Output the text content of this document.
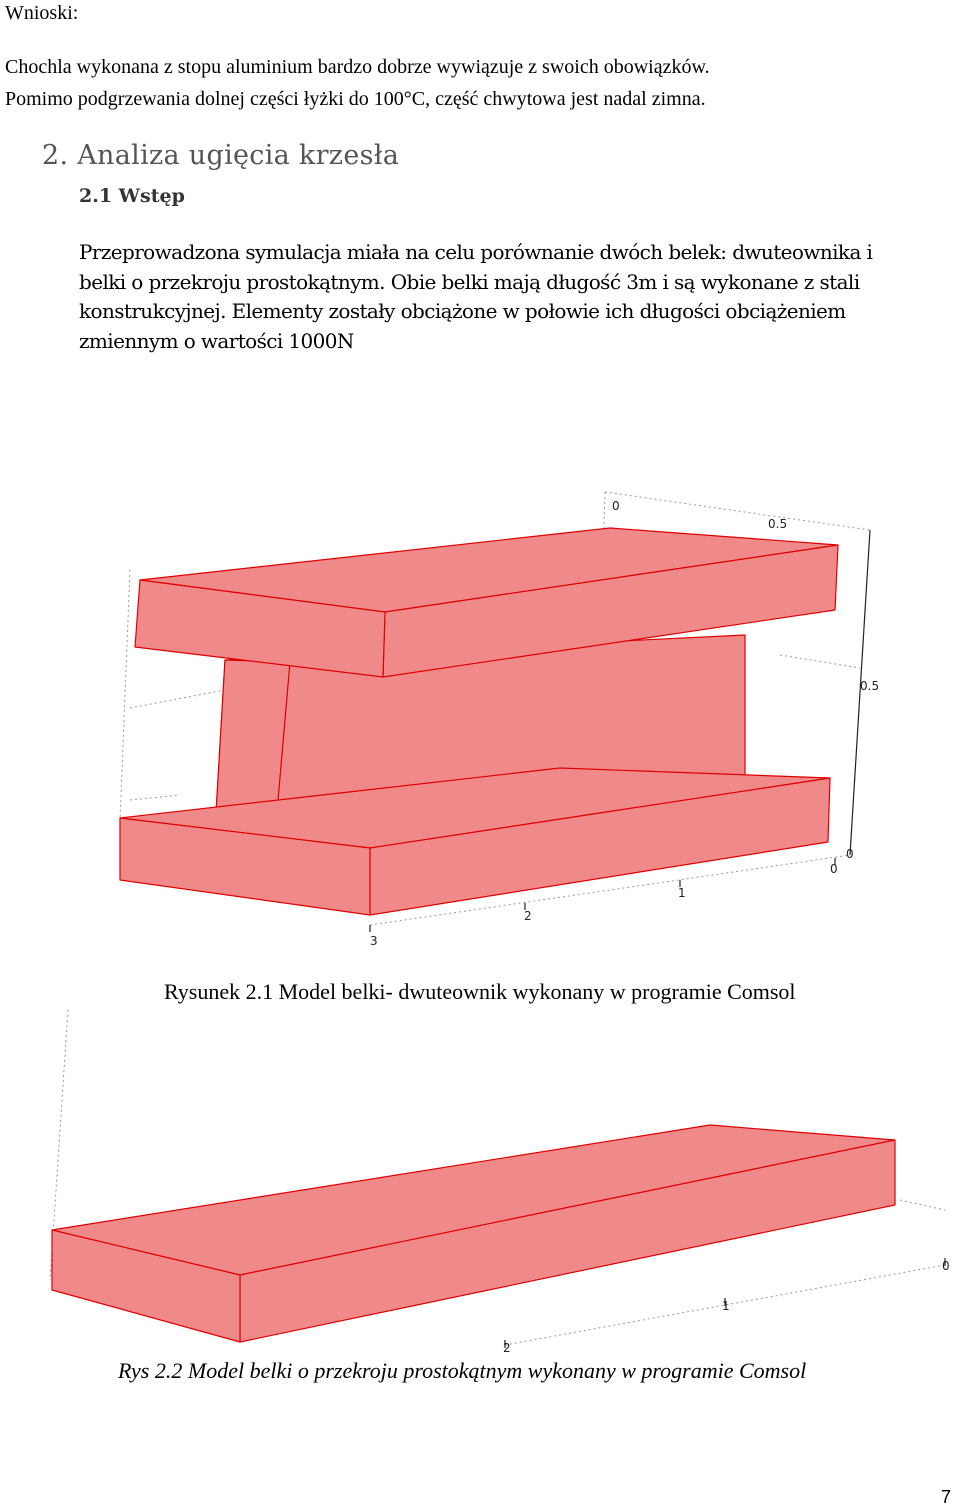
Wnioski:
Chochla wykonana z stopu aluminium bardzo dobrze wywiązuje z swoich obowiązków.
Pomimo podgrzewania dolnej części łyżki do 100°C, część chwytowa jest nadal zimna.
2. Analiza ugięcia krzesła
2.1 Wstęp
Przeprowadzona symulacja miała na celu porównanie dwóch belek: dwuteownika i
belki o przekroju prostokątnym. Obie belki mają długość 3m i są wykonane z stali
konstrukcyjnej. Elementy zostały obciążone w połowie ich długości obciążeniem
zmiennym o wartości 1000N
0
0.5
0.5
0
0
1
2
3
Rysunek 2.1 Model belki- dwuteownik wykonany w programie Comsol
0
1
2
Rys 2.2 Model belki o przekroju prostokątnym wykonany w programie Comsol
7
